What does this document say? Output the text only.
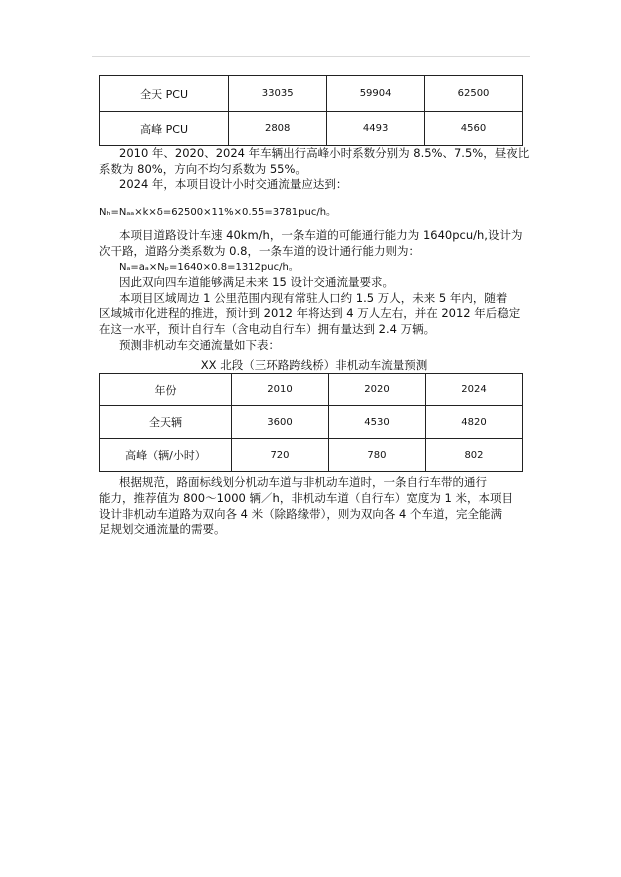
全天 PCU	33035	59904	62500
高峰 PCU	2808	4493	4560

2010 年、2020、2024 年车辆出行高峰小时系数分别为 8.5%、7.5%，昼夜比

系数为 80%，方向不均匀系数为 55%。

2024 年，本项目设计小时交通流量应达到：

Nₕ=Nₐₐ×k×δ=62500×11%×0.55=3781puc/h。

本项目道路设计车速 40km/h，一条车道的可能通行能力为 1640pcu/h,设计为

次干路，道路分类系数为 0.8，一条车道的设计通行能力则为：

Nₐ=aₐ×Nₚ=1640×0.8=1312puc/h。

因此双向四车道能够满足未来 15 设计交通流量要求。

本项目区域周边 1 公里范围内现有常驻人口约 1.5 万人，未来 5 年内，随着

区域城市化进程的推进，预计到 2012 年将达到 4 万人左右，并在 2012 年后稳定

在这一水平，预计自行车（含电动自行车）拥有量达到 2.4 万辆。

预测非机动车交通流量如下表：

XX 北段（三环路跨线桥）非机动车流量预测
年份	2010	2020	2024
全天辆	3600	4530	4820
高峰（辆/小时）	720	780	802

根据规范，路面标线划分机动车道与非机动车道时，一条自行车带的通行

能力，推荐值为 800～1000 辆／h，非机动车道（自行车）宽度为 1 米，本项目

设计非机动车道路为双向各 4 米（除路缘带），则为双向各 4 个车道，完全能满

足规划交通流量的需要。
